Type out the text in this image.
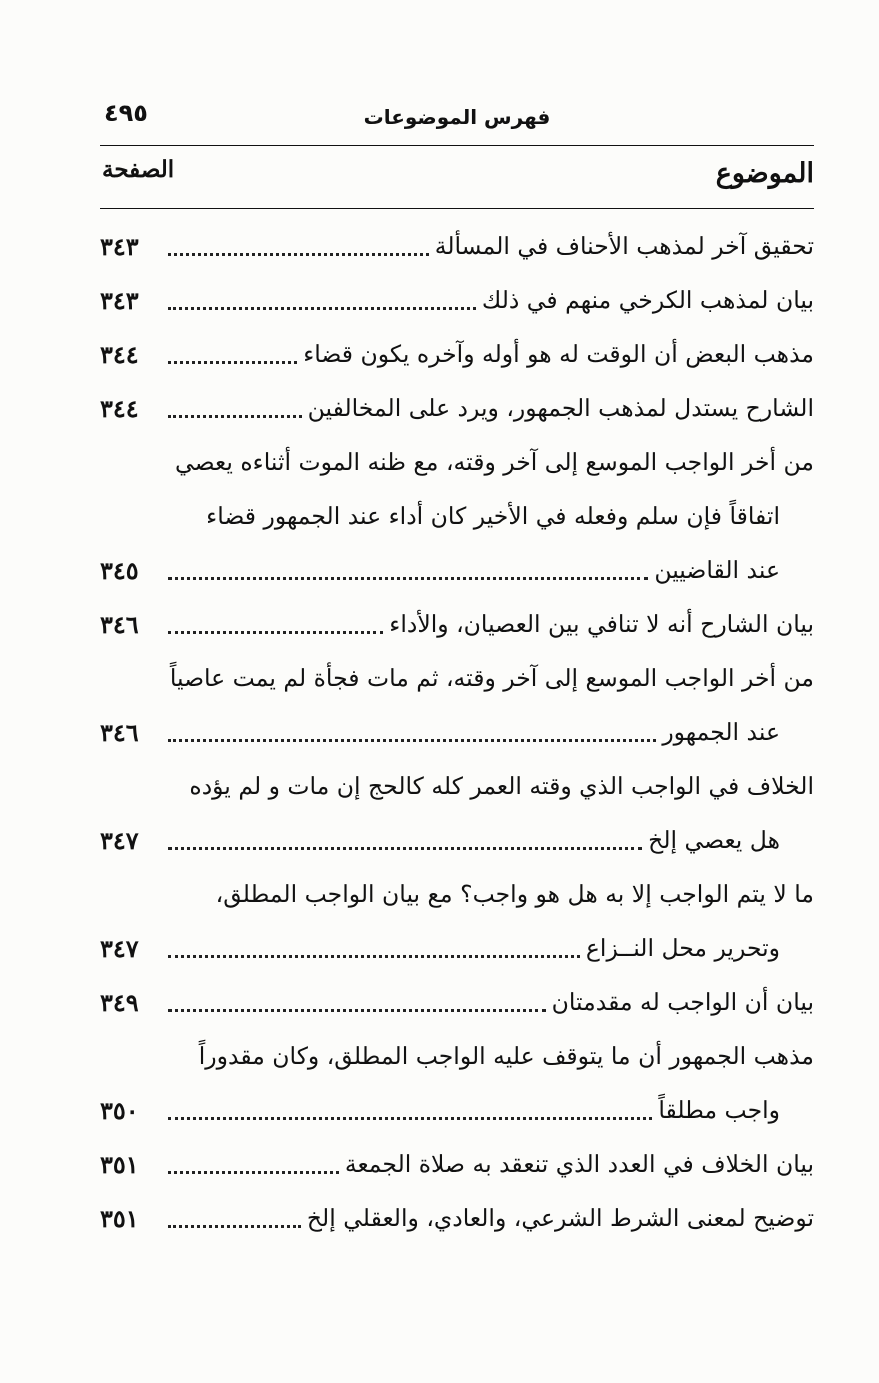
فهرس الموضوعات
٤٩٥
الموضوع
الصفحة
تحقيق آخر لمذهب الأحناف في المسألة
٣٤٣
بيان لمذهب الكرخي منهم في ذلك
٣٤٣
مذهب البعض أن الوقت له هو أوله وآخره يكون قضاء
٣٤٤
الشارح يستدل لمذهب الجمهور، ويرد على المخالفين
٣٤٤
من أخر الواجب الموسع إلى آخر وقته، مع ظنه الموت أثناءه يعصي
اتفاقاً فإن سلم وفعله في الأخير كان أداء عند الجمهور قضاء
عند القاضيين
٣٤٥
بيان الشارح أنه لا تنافي بين العصيان، والأداء
٣٤٦
من أخر الواجب الموسع إلى آخر وقته، ثم مات فجأة لم يمت عاصياً
عند الجمهور
٣٤٦
الخلاف في الواجب الذي وقته العمر كله كالحج إن مات و لم يؤده
هل يعصي إلخ
٣٤٧
ما لا يتم الواجب إلا به هل هو واجب؟ مع بيان الواجب المطلق،
وتحرير محل النــزاع
٣٤٧
بيان أن الواجب له مقدمتان
٣٤٩
مذهب الجمهور أن ما يتوقف عليه الواجب المطلق، وكان مقدوراً
واجب مطلقاً
٣٥٠
بيان الخلاف في العدد الذي تنعقد به صلاة الجمعة
٣٥١
توضيح لمعنى الشرط الشرعي، والعادي، والعقلي إلخ
٣٥١
